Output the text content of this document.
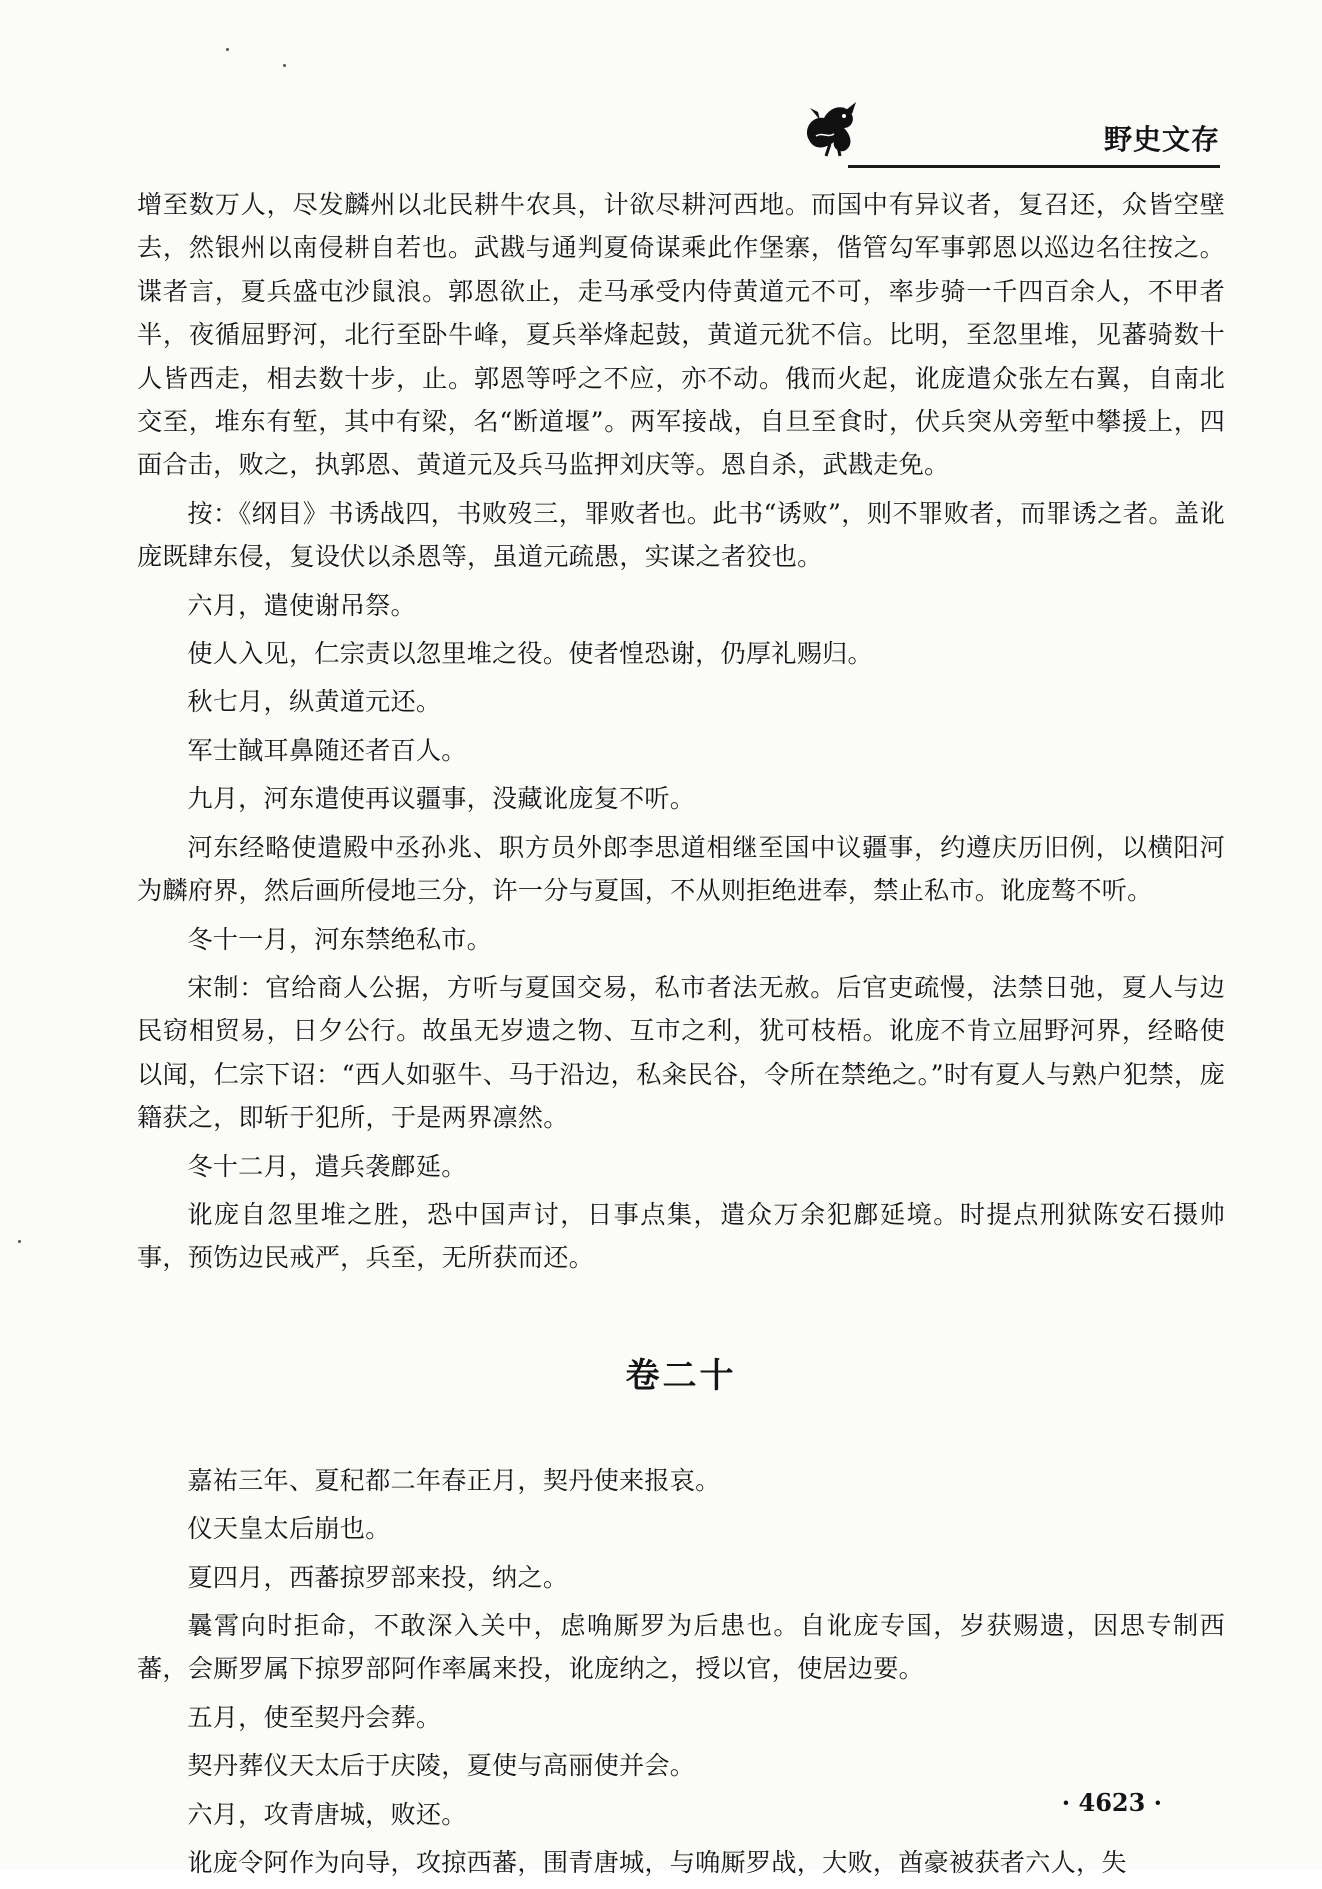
野史文存

增至数万人，尽发麟州以北民耕牛农具，计欲尽耕河西地。而国中有异议者，复召还，众皆空壁去，然银州以南侵耕自若也。武戡与通判夏倚谋乘此作堡寨，偕管勾军事郭恩以巡边名往按之。谍者言，夏兵盛屯沙鼠浪。郭恩欲止，走马承受内侍黄道元不可，率步骑一千四百余人，不甲者半，夜循屈野河，北行至卧牛峰，夏兵举烽起鼓，黄道元犹不信。比明，至忽里堆，见蕃骑数十人皆西走，相去数十步，止。郭恩等呼之不应，亦不动。俄而火起，讹庞遣众张左右翼，自南北交至，堆东有堑，其中有梁，名“断道堰”。两军接战，自旦至食时，伏兵突从旁堑中攀援上，四面合击，败之，执郭恩、黄道元及兵马监押刘庆等。恩自杀，武戡走免。

按：《纲目》书诱战四，书败歿三，罪败者也。此书“诱败”，则不罪败者，而罪诱之者。盖讹庞既肆东侵，复设伏以杀恩等，虽道元疏愚，实谋之者狡也。

六月，遣使谢吊祭。

使人入见，仁宗责以忽里堆之役。使者惶恐谢，仍厚礼赐归。

秋七月，纵黄道元还。

军士馘耳鼻随还者百人。

九月，河东遣使再议疆事，没藏讹庞复不听。

河东经略使遣殿中丞孙兆、职方员外郎李思道相继至国中议疆事，约遵庆历旧例，以横阳河为麟府界，然后画所侵地三分，许一分与夏国，不从则拒绝进奉，禁止私市。讹庞骜不听。

冬十一月，河东禁绝私市。

宋制：官给商人公据，方听与夏国交易，私市者法无赦。后官吏疏慢，法禁日弛，夏人与边民窃相贸易，日夕公行。故虽无岁遗之物、互市之利，犹可枝梧。讹庞不肯立屈野河界，经略使以闻，仁宗下诏：“西人如驱牛、马于沿边，私籴民谷，令所在禁绝之。”时有夏人与熟户犯禁，庞籍获之，即斩于犯所，于是两界凛然。

冬十二月，遣兵袭鄜延。

讹庞自忽里堆之胜，恐中国声讨，日事点集，遣众万余犯鄜延境。时提点刑狱陈安石摄帅事，预饬边民戒严，兵至，无所获而还。

卷二十

嘉祐三年、夏䄫都二年春正月，契丹使来报哀。

仪天皇太后崩也。

夏四月，西蕃掠罗部来投，纳之。

曩霄向时拒命，不敢深入关中，虑唃厮罗为后患也。自讹庞专国，岁获赐遗，因思专制西蕃，会厮罗属下掠罗部阿作率属来投，讹庞纳之，授以官，使居边要。

五月，使至契丹会葬。

契丹葬仪天太后于庆陵，夏使与高丽使并会。

六月，攻青唐城，败还。

讹庞令阿作为向导，攻掠西蕃，围青唐城，与唃厮罗战，大败，酋豪被获者六人，失

· 4623 ·
